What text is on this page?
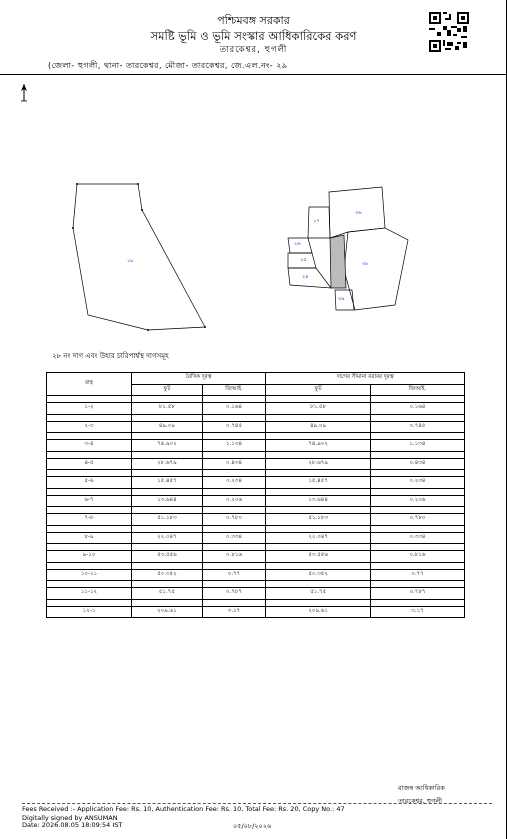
পশ্চিমবঙ্গ সরকার
সমষ্টি ভূমি ও ভূমি সংস্কার আধিকারিকের করণ
তারকেশ্বর, হুগলী
(জেলা- হুগলী, থানা- তারকেশ্বর, মৌজা- তারকেশ্বর, জে.এল.নং- ২৯
১৮
১৭
৩৬
২৬
২৫
২৪
৩৮
৩৯
২৮ নং দাগ এবং উহার চারিপার্শ্বস্থ দাগসমূহ
বাহু	রৈখিক দূরত্ব		দাগের সীমানা বরাবর দূরত্ব	
	ফুট	জিআই.	ফুট	জিআই.

১-২	৮১.৫৮	০.১৬৪	৮১.৫৮	০.১৬৪

২-৩	৪৯.০৯	০.৭৪৫	৪৯.০৯	০.৭৪৫

৩-৪	৭৪.৯০২	১.১৩৪	৭৪.৯০২	১.১৩৪

৪-৫	২৮.৬৭৯	০.৪৩৪	২৮.৬৭৯	০.৪৩৪

৫-৬	১৫.৪৫৭	০.২৩৪	১৫.৪৫৭	০.২৩৪

৬-৭	১৩.৬৪৪	০.২০৬	১৩.৬৪৪	০.২০৬

৭-৮	৫১.১৮৩	০.৭৮০	৫১.১৮৩	০.৭৮০

৮-৯	২২.০৪৭	০.৩৩৪	২২.০৪৭	০.৩৩৪

৯-১০	৫৩.৫৫৬	০.৮১৬	৫৩.৫৫৬	০.৮১৬

১০-১১	৫০.৩৫২	০.৭৭	৫০.৩৫২	০.৭৭

১১-১২	৫১.৭৫	০.৭৮৭	৫১.৭৫	০.৭৮৭

১২-১	২০৯.৬১	৩.১৭	২০৯.৬১	৩.১৭
রাজস্ব আধিকারিক
তারকেশ্বর, হুগলী
Fees Received :- Application Fee: Rs. 10, Authentication Fee: Rs. 10, Total Fee: Rs. 20, Copy No.: 47
Digitally signed by ANSUMAN
Date: 2026.08.05 18:09:54 IST	০৫/০৮/২০২৬
